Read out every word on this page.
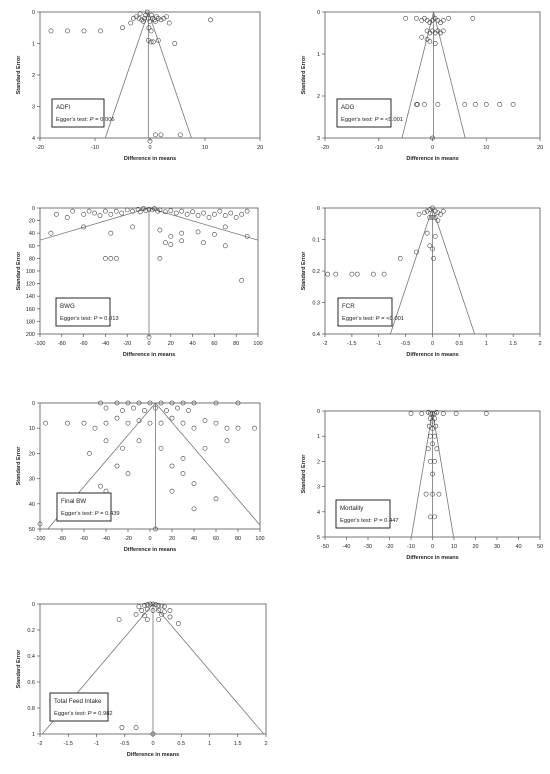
-20	-10	0	10	20
0
1
2
3
4
Difference in means
Standard Error
ADFI
Egger's test: P = 0.006
-20	-10	0	10	20
0
1
2
3
Difference in means
Standard Error
ADG
Egger's test: P = <0.001
-100 -80	-60	-40	-20	0	20	40	60	80	100
0
20
40
60
80
100
120
140
160
180
200
Difference in means
Standard Error
BWG
Egger's test: P = 0.013
-2	-1.5	-1	-0.5	0	0.5	1	1.5	2
0
0.1
0.2
0.3
0.4
Difference in means
Standard Error
FCR
Egger's test: P = <0.001
-100 -80	-60	-40	-20	0	20	40	60	80	100
0
10
20
30
40
50
Difference in means
Standard Error
Final BW
Egger's test: P = 0.439
-50 -40 -30 -20 -10	0	10	20	30	40	50
0
1
2
3
4
5
Difference in means
Standard Error
Mortality
Egger's test: P = 0.447
-2	-1.5	-1	-0.5	0	0.5	1	1.5	2
0
0.2
0.4
0.6
0.8
1
Difference in means
Standard Error
Total Feed Intake
Egger's test: P = 0.982
